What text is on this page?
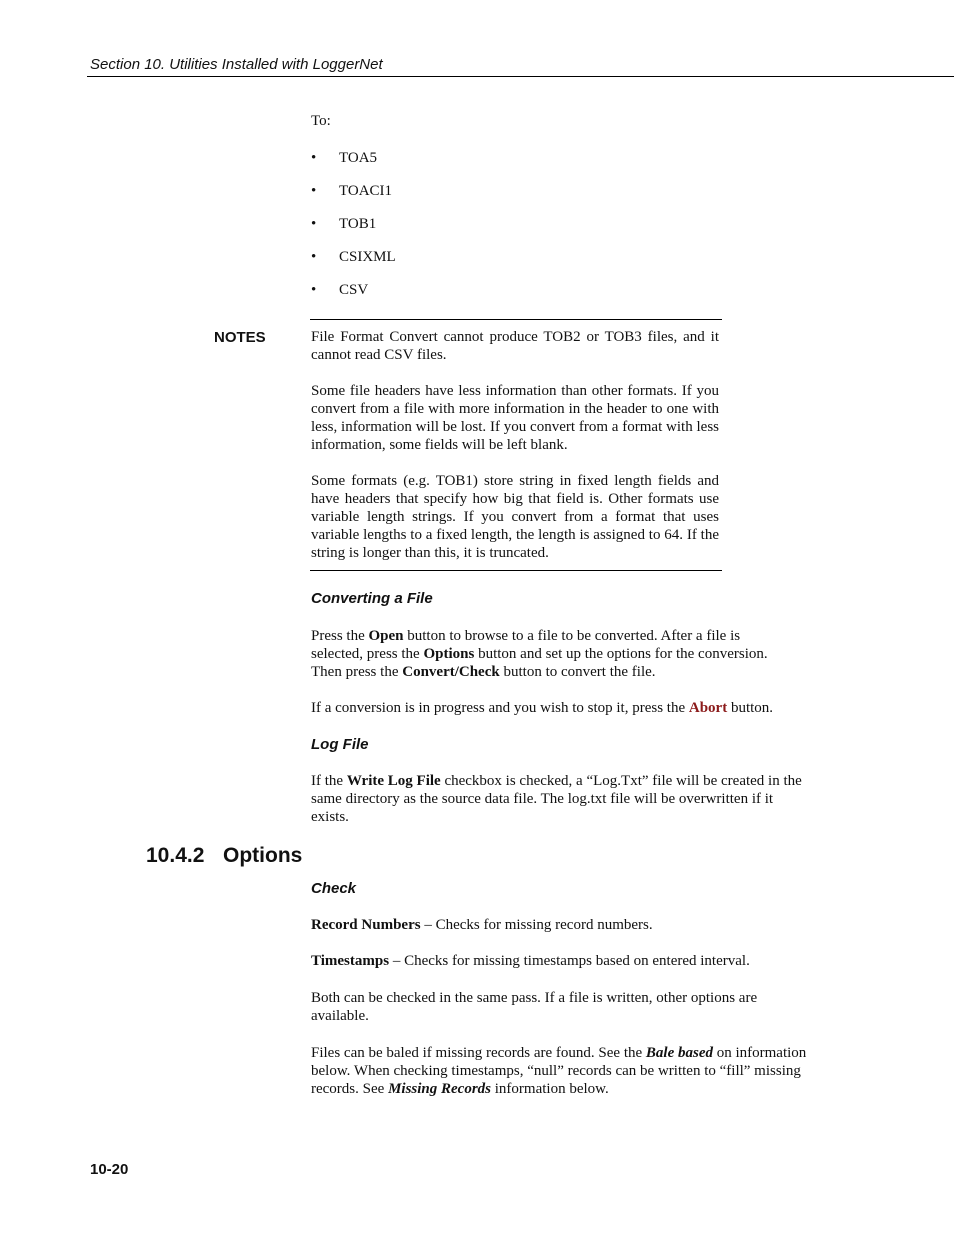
Section 10. Utilities Installed with LoggerNet
To:
• TOA5
• TOACI1
• TOB1
• CSIXML
• CSV
NOTES	File Format Convert cannot produce TOB2 or TOB3 files, and it cannot read CSV files.

Some file headers have less information than other formats. If you convert from a file with more information in the header to one with less, information will be lost. If you convert from a format with less information, some fields will be left blank.

Some formats (e.g. TOB1) store string in fixed length fields and have headers that specify how big that field is. Other formats use variable length strings. If you convert from a format that uses variable lengths to a fixed length, the length is assigned to 64. If the string is longer than this, it is truncated.

Converting a File

Press the Open button to browse to a file to be converted. After a file is selected, press the Options button and set up the options for the conversion. Then press the Convert/Check button to convert the file.

If a conversion is in progress and you wish to stop it, press the Abort button.

Log File

If the Write Log File checkbox is checked, a “Log.Txt” file will be created in the same directory as the source data file. The log.txt file will be overwritten if it exists.

10.4.2 Options
Check

Record Numbers – Checks for missing record numbers.

Timestamps – Checks for missing timestamps based on entered interval.

Both can be checked in the same pass. If a file is written, other options are available.

Files can be baled if missing records are found. See the Bale based on information below. When checking timestamps, “null” records can be written to “fill” missing records. See Missing Records information below.

10-20
